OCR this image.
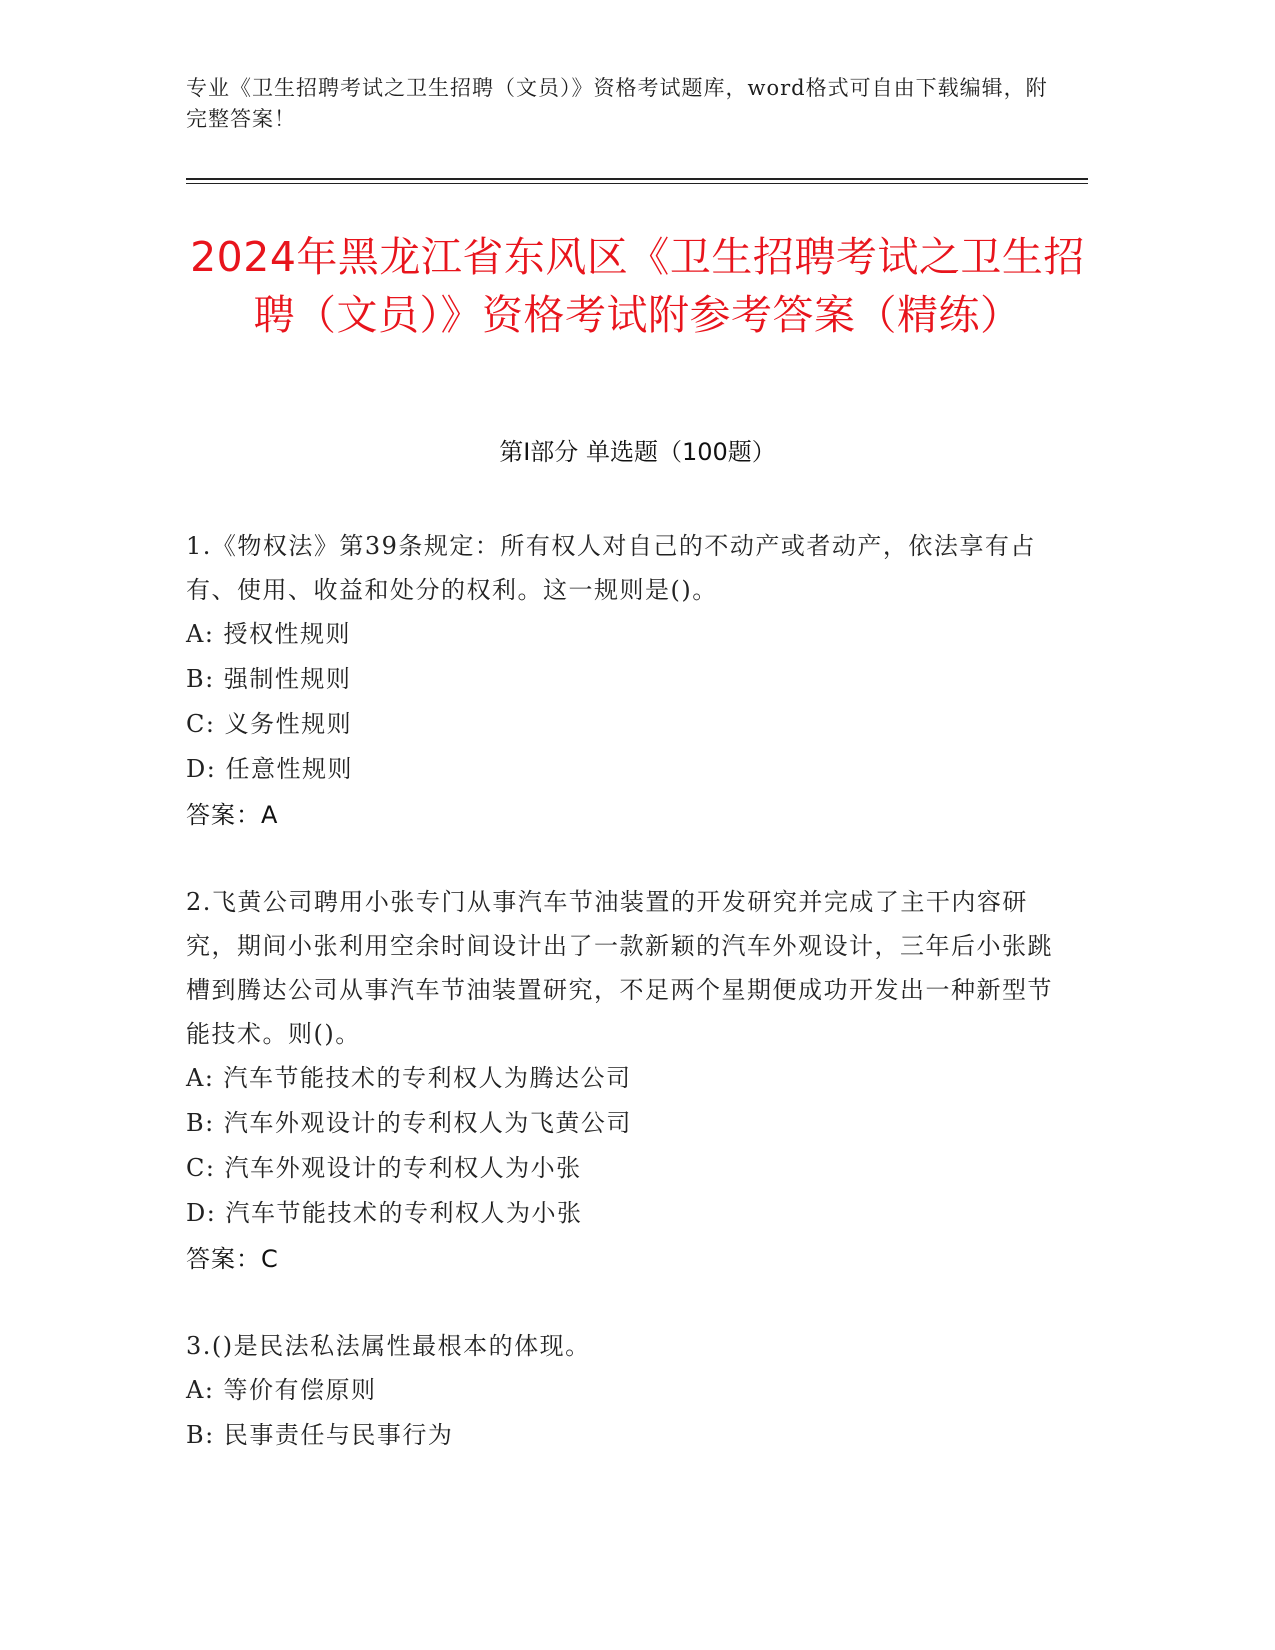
专业《卫生招聘考试之卫生招聘（文员）》资格考试题库，word格式可自由下载编辑，附完整答案！
2024年黑龙江省东风区《卫生招聘考试之卫生招聘（文员）》资格考试附参考答案（精练）
第Ⅰ部分 单选题（100题）
1.《物权法》第39条规定：所有权人对自己的不动产或者动产，依法享有占有、使用、收益和处分的权利。这一规则是()。
A: 授权性规则
B: 强制性规则
C: 义务性规则
D: 任意性规则
答案：A
2.飞黄公司聘用小张专门从事汽车节油装置的开发研究并完成了主干内容研究，期间小张利用空余时间设计出了一款新颖的汽车外观设计，三年后小张跳槽到腾达公司从事汽车节油装置研究，不足两个星期便成功开发出一种新型节能技术。则()。
A: 汽车节能技术的专利权人为腾达公司
B: 汽车外观设计的专利权人为飞黄公司
C: 汽车外观设计的专利权人为小张
D: 汽车节能技术的专利权人为小张
答案：C
3.()是民法私法属性最根本的体现。
A: 等价有偿原则
B: 民事责任与民事行为
